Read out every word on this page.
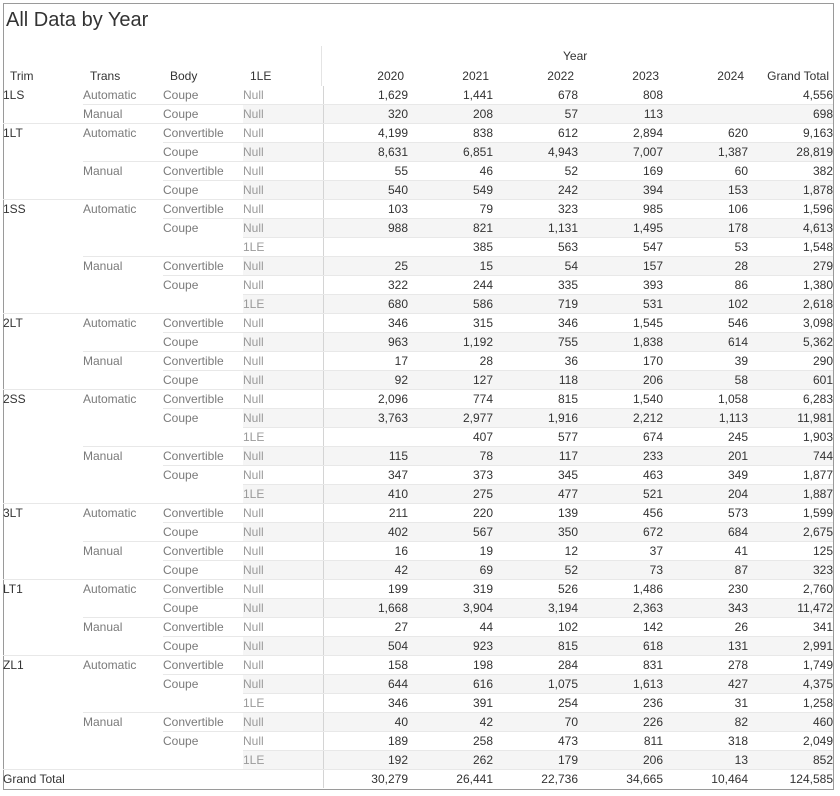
All Data by Year
Year
Trim	Trans	Body	1LE	2020	2021	2022	2023	2024	Grand Total
1LS	Automatic	Coupe	Null	1,629	1,441	678	808		4,556
	Manual	Coupe	Null	320	208	57	113		698
1LT	Automatic	Convertible	Null	4,199	838	612	2,894	620	9,163
		Coupe	Null	8,631	6,851	4,943	7,007	1,387	28,819
	Manual	Convertible	Null	55	46	52	169	60	382
		Coupe	Null	540	549	242	394	153	1,878
1SS	Automatic	Convertible	Null	103	79	323	985	106	1,596
		Coupe	Null	988	821	1,131	1,495	178	4,613
			1LE		385	563	547	53	1,548
	Manual	Convertible	Null	25	15	54	157	28	279
		Coupe	Null	322	244	335	393	86	1,380
			1LE	680	586	719	531	102	2,618
2LT	Automatic	Convertible	Null	346	315	346	1,545	546	3,098
		Coupe	Null	963	1,192	755	1,838	614	5,362
	Manual	Convertible	Null	17	28	36	170	39	290
		Coupe	Null	92	127	118	206	58	601
2SS	Automatic	Convertible	Null	2,096	774	815	1,540	1,058	6,283
		Coupe	Null	3,763	2,977	1,916	2,212	1,113	11,981
			1LE		407	577	674	245	1,903
	Manual	Convertible	Null	115	78	117	233	201	744
		Coupe	Null	347	373	345	463	349	1,877
			1LE	410	275	477	521	204	1,887
3LT	Automatic	Convertible	Null	211	220	139	456	573	1,599
		Coupe	Null	402	567	350	672	684	2,675
	Manual	Convertible	Null	16	19	12	37	41	125
		Coupe	Null	42	69	52	73	87	323
LT1	Automatic	Convertible	Null	199	319	526	1,486	230	2,760
		Coupe	Null	1,668	3,904	3,194	2,363	343	11,472
	Manual	Convertible	Null	27	44	102	142	26	341
		Coupe	Null	504	923	815	618	131	2,991
ZL1	Automatic	Convertible	Null	158	198	284	831	278	1,749
		Coupe	Null	644	616	1,075	1,613	427	4,375
			1LE	346	391	254	236	31	1,258
	Manual	Convertible	Null	40	42	70	226	82	460
		Coupe	Null	189	258	473	811	318	2,049
			1LE	192	262	179	206	13	852
Grand Total				30,279	26,441	22,736	34,665	10,464	124,585
